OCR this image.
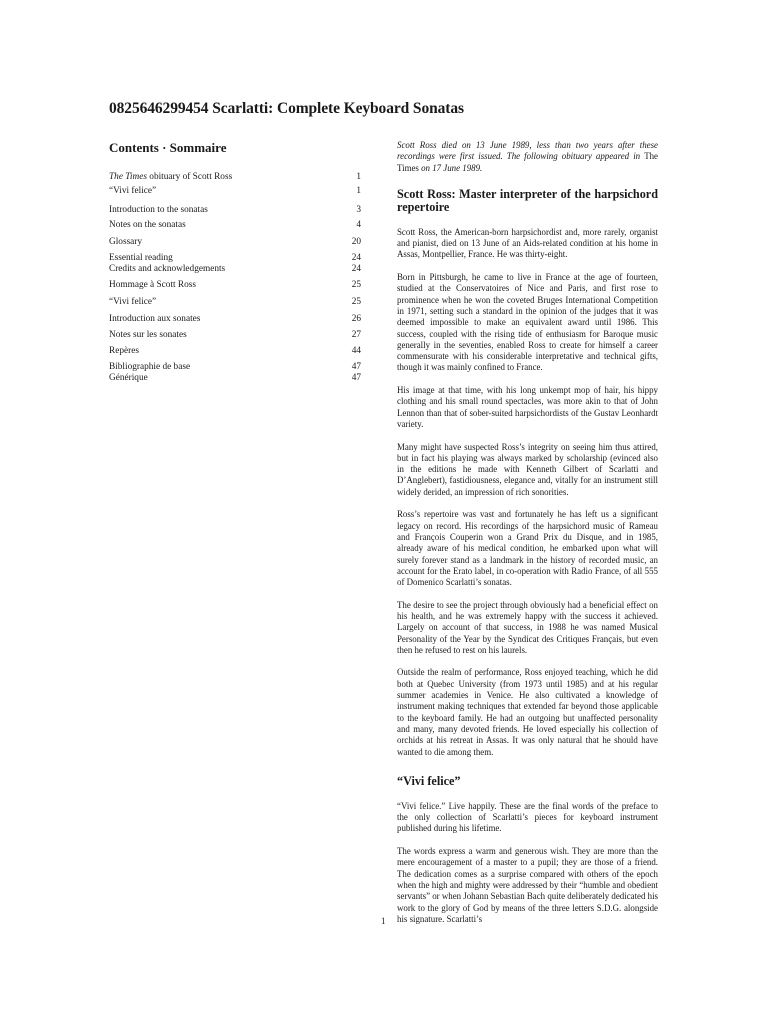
0825646299454 Scarlatti: Complete Keyboard Sonatas
Contents · Sommaire
The Times obituary of Scott Ross	1
“Vivi felice”	1
Introduction to the sonatas	3
Notes on the sonatas	4
Glossary	20
Essential reading	24
Credits and acknowledgements	24
Hommage à Scott Ross	25
“Vivi felice”	25
Introduction aux sonates	26
Notes sur les sonates	27
Repères	44
Bibliographie de base	47
Générique	47

Scott Ross died on 13 June 1989, less than two years after these recordings were first issued. The following obituary appeared in The Times on 17 June 1989.

Scott Ross: Master interpreter of the harpsichord repertoire

Scott Ross, the American-born harpsichordist and, more rarely, organist and pianist, died on 13 June of an Aids-related condition at his home in Assas, Montpellier, France. He was thirty-eight.

Born in Pittsburgh, he came to live in France at the age of fourteen, studied at the Conservatoires of Nice and Paris, and first rose to prominence when he won the coveted Bruges International Competition in 1971, setting such a standard in the opinion of the judges that it was deemed impossible to make an equivalent award until 1986. This success, coupled with the rising tide of enthusiasm for Baroque music generally in the seventies, enabled Ross to create for himself a career commensurate with his considerable interpretative and technical gifts, though it was mainly confined to France.

His image at that time, with his long unkempt mop of hair, his hippy clothing and his small round spectacles, was more akin to that of John Lennon than that of sober-suited harpsichordists of the Gustav Leonhardt variety.

Many might have suspected Ross’s integrity on seeing him thus attired, but in fact his playing was always marked by scholarship (evinced also in the editions he made with Kenneth Gilbert of Scarlatti and D’Anglebert), fastidiousness, elegance and, vitally for an instrument still widely derided, an impression of rich sonorities.

Ross’s repertoire was vast and fortunately he has left us a significant legacy on record. His recordings of the harpsichord music of Rameau and François Couperin won a Grand Prix du Disque, and in 1985, already aware of his medical condition, he embarked upon what will surely forever stand as a landmark in the history of recorded music, an account for the Erato label, in co-operation with Radio France, of all 555 of Domenico Scarlatti’s sonatas.

The desire to see the project through obviously had a beneficial effect on his health, and he was extremely happy with the success it achieved. Largely on account of that success, in 1988 he was named Musical Personality of the Year by the Syndicat des Critiques Français, but even then he refused to rest on his laurels.

Outside the realm of performance, Ross enjoyed teaching, which he did both at Quebec University (from 1973 until 1985) and at his regular summer academies in Venice. He also cultivated a knowledge of instrument making techniques that extended far beyond those applicable to the keyboard family. He had an outgoing but unaffected personality and many, many devoted friends. He loved especially his collection of orchids at his retreat in Assas. It was only natural that he should have wanted to die among them.

“Vivi felice”

“Vivi felice.” Live happily. These are the final words of the preface to the only collection of Scarlatti’s pieces for keyboard instrument published during his lifetime.

The words express a warm and generous wish. They are more than the mere encouragement of a master to a pupil; they are those of a friend. The dedication comes as a surprise compared with others of the epoch when the high and mighty were addressed by their “humble and obedient servants” or when Johann Sebastian Bach quite deliberately dedicated his work to the glory of God by means of the three letters S.D.G. alongside his signature. Scarlatti’s

1
